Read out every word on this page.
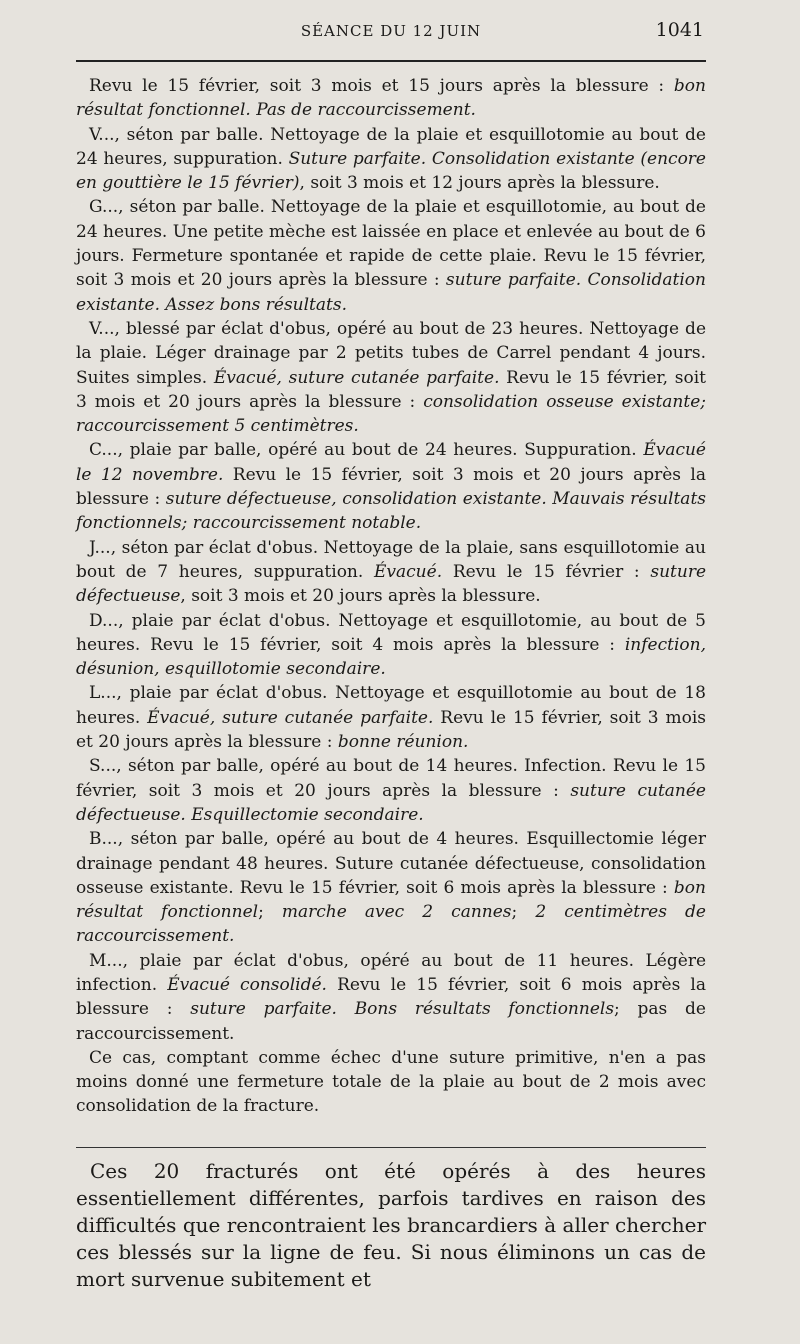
SÉANCE DU 12 JUIN	1041

Revu le 15 février, soit 3 mois et 15 jours après la blessure : bon résultat fonctionnel. Pas de raccourcissement.

V..., séton par balle. Nettoyage de la plaie et esquillotomie au bout de 24 heures, suppuration. Suture parfaite. Consolidation existante (encore en gouttière le 15 février), soit 3 mois et 12 jours après la blessure.

G..., séton par balle. Nettoyage de la plaie et esquillotomie, au bout de 24 heures. Une petite mèche est laissée en place et enlevée au bout de 6 jours. Fermeture spontanée et rapide de cette plaie. Revu le 15 février, soit 3 mois et 20 jours après la blessure : suture parfaite. Consolidation existante. Assez bons résultats.

V..., blessé par éclat d'obus, opéré au bout de 23 heures. Nettoyage de la plaie. Léger drainage par 2 petits tubes de Carrel pendant 4 jours. Suites simples. Évacué, suture cutanée parfaite. Revu le 15 février, soit 3 mois et 20 jours après la blessure : consolidation osseuse existante; raccourcissement 5 centimètres.

C..., plaie par balle, opéré au bout de 24 heures. Suppuration. Évacué le 12 novembre. Revu le 15 février, soit 3 mois et 20 jours après la blessure : suture défectueuse, consolidation existante. Mauvais résultats fonctionnels; raccourcissement notable.

J..., séton par éclat d'obus. Nettoyage de la plaie, sans esquillotomie au bout de 7 heures, suppuration. Évacué. Revu le 15 février : suture défectueuse, soit 3 mois et 20 jours après la blessure.

D..., plaie par éclat d'obus. Nettoyage et esquillotomie, au bout de 5 heures. Revu le 15 février, soit 4 mois après la blessure : infection, désunion, esquillotomie secondaire.

L..., plaie par éclat d'obus. Nettoyage et esquillotomie au bout de 18 heures. Évacué, suture cutanée parfaite. Revu le 15 février, soit 3 mois et 20 jours après la blessure : bonne réunion.

S..., séton par balle, opéré au bout de 14 heures. Infection. Revu le 15 février, soit 3 mois et 20 jours après la blessure : suture cutanée défectueuse. Esquillectomie secondaire.

B..., séton par balle, opéré au bout de 4 heures. Esquillectomie léger drainage pendant 48 heures. Suture cutanée défectueuse, consolidation osseuse existante. Revu le 15 février, soit 6 mois après la blessure : bon résultat fonctionnel; marche avec 2 cannes; 2 centimètres de raccourcissement.

M..., plaie par éclat d'obus, opéré au bout de 11 heures. Légère infection. Évacué consolidé. Revu le 15 février, soit 6 mois après la blessure : suture parfaite. Bons résultats fonctionnels; pas de raccourcissement.

Ce cas, comptant comme échec d'une suture primitive, n'en a pas moins donné une fermeture totale de la plaie au bout de 2 mois avec consolidation de la fracture.

Ces 20 fracturés ont été opérés à des heures essentiellement différentes, parfois tardives en raison des difficultés que rencontraient les brancardiers à aller chercher ces blessés sur la ligne de feu. Si nous éliminons un cas de mort survenue subitement et
